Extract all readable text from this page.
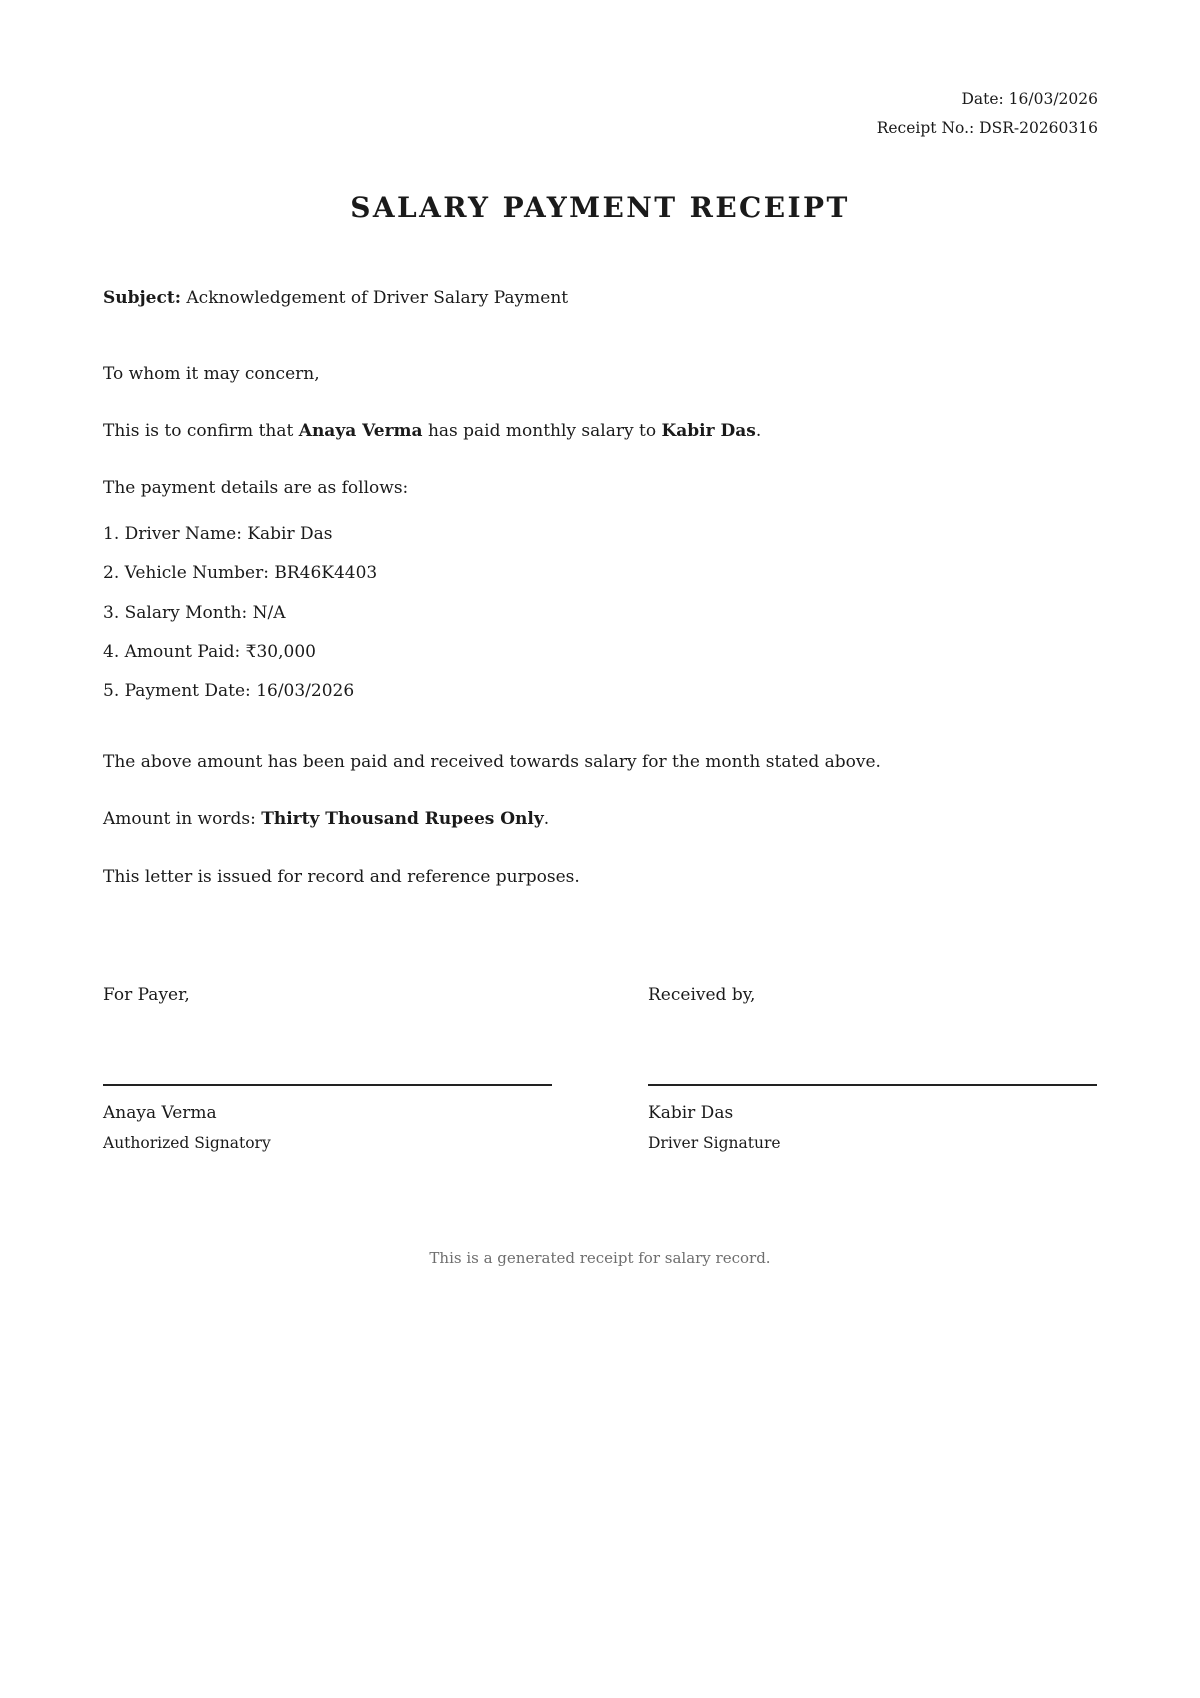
Date: 16/03/2026

Receipt No.: DSR-20260316

SALARY PAYMENT RECEIPT

Subject: Acknowledgement of Driver Salary Payment

To whom it may concern,

This is to confirm that Anaya Verma has paid monthly salary to Kabir Das.

The payment details are as follows:

1. Driver Name: Kabir Das

2. Vehicle Number: BR46K4403

3. Salary Month: N/A

4. Amount Paid: ₹30,000

5. Payment Date: 16/03/2026

The above amount has been paid and received towards salary for the month stated above.

Amount in words: Thirty Thousand Rupees Only.

This letter is issued for record and reference purposes.

For Payer,

Anaya Verma

Authorized Signatory

Received by,

Kabir Das

Driver Signature

This is a generated receipt for salary record.
